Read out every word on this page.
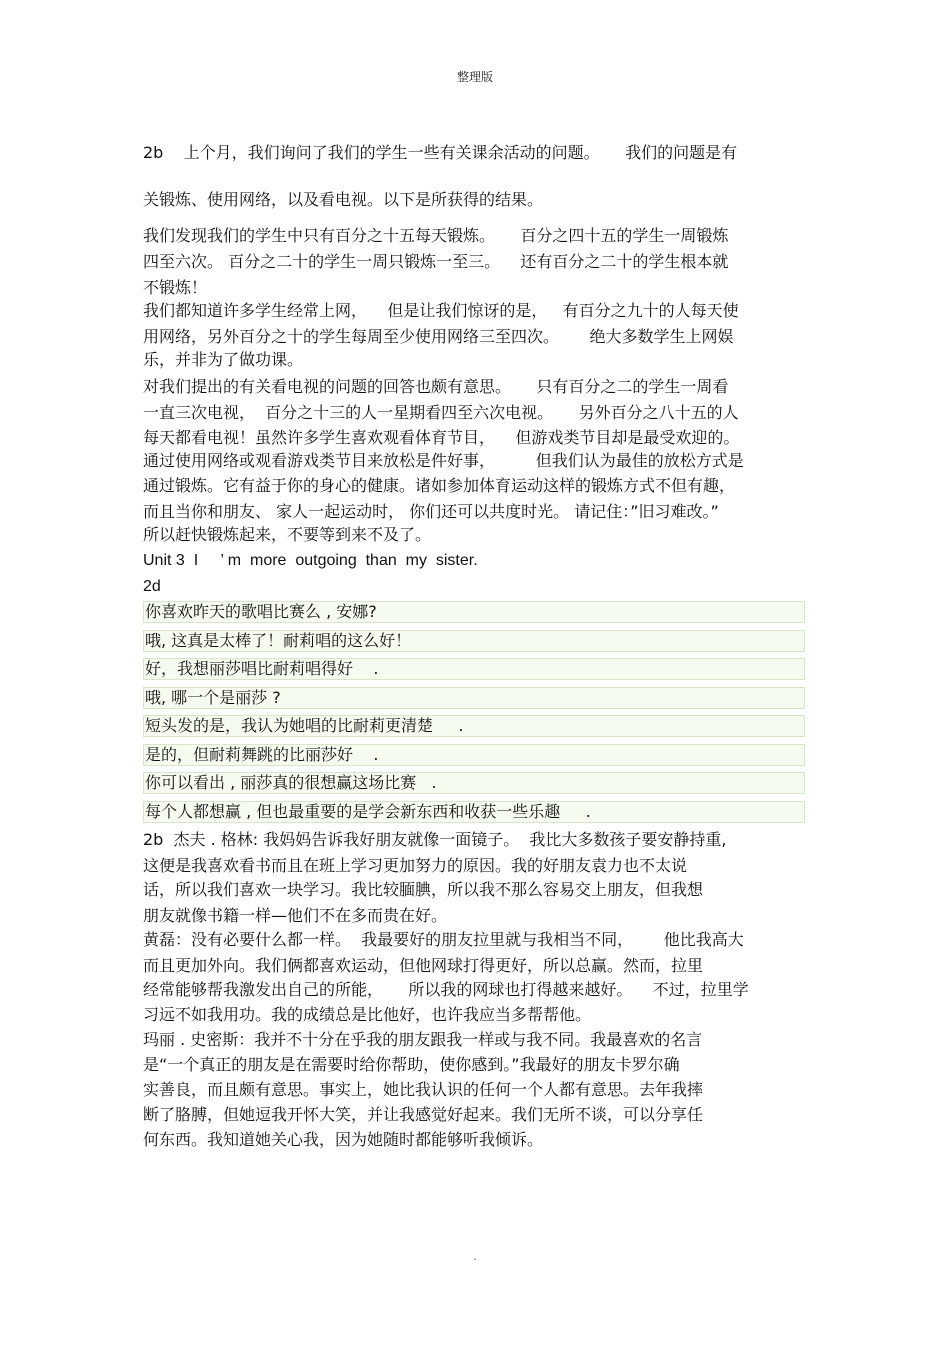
整理版
2b    上个月，我们询问了我们的学生一些有关课余活动的问题。     我们的问题是有
关锻炼、使用网络，以及看电视。以下是所获得的结果。
我们发现我们的学生中只有百分之十五每天锻炼。     百分之四十五的学生一周锻炼
四至六次。 百分之二十的学生一周只锻炼一至三。    还有百分之二十的学生根本就
不锻炼！
我们都知道许多学生经常上网，    但是让我们惊讶的是，   有百分之九十的人每天使
用网络，另外百分之十的学生每周至少使用网络三至四次。      绝大多数学生上网娱
乐，并非为了做功课。
对我们提出的有关看电视的问题的回答也颇有意思。     只有百分之二的学生一周看
一直三次电视，  百分之十三的人一星期看四至六次电视。     另外百分之八十五的人
每天都看电视！虽然许多学生喜欢观看体育节目，    但游戏类节目却是最受欢迎的。
通过使用网络或观看游戏类节目来放松是件好事，        但我们认为最佳的放松方式是
通过锻炼。它有益于你的身心的健康。诸如参加体育运动这样的锻炼方式不但有趣，
而且当你和朋友、 家人一起运动时， 你们还可以共度时光。 请记住：”旧习难改。”
所以赶快锻炼起来，不要等到来不及了。
Unit 3  I     ’ m  more  outgoing  than  my  sister.
2d
你喜欢昨天的歌唱比赛么 , 安娜?
哦, 这真是太棒了！耐莉唱的这么好！
好，我想丽莎唱比耐莉唱得好    .
哦, 哪一个是丽莎 ?
短头发的是，我认为她唱的比耐莉更清楚     .
是的，但耐莉舞跳的比丽莎好    .
你可以看出 , 丽莎真的很想赢这场比赛   .
每个人都想赢 , 但也最重要的是学会新东西和收获一些乐趣     .
2b  杰夫 . 格林: 我妈妈告诉我好朋友就像一面镜子。  我比大多数孩子要安静持重,
这便是我喜欢看书而且在班上学习更加努力的原因。我的好朋友袁力也不太说
话，所以我们喜欢一块学习。我比较腼腆，所以我不那么容易交上朋友，但我想
朋友就像书籍一样—他们不在多而贵在好。
黄磊：没有必要什么都一样。  我最要好的朋友拉里就与我相当不同，      他比我高大
而且更加外向。我们俩都喜欢运动，但他网球打得更好，所以总赢。然而，拉里
经常能够帮我激发出自己的所能，     所以我的网球也打得越来越好。    不过，拉里学
习远不如我用功。我的成绩总是比他好，也许我应当多帮帮他。
玛丽 . 史密斯：我并不十分在乎我的朋友跟我一样或与我不同。我最喜欢的名言
是“一个真正的朋友是在需要时给你帮助，使你感到。”我最好的朋友卡罗尔确
实善良，而且颇有意思。事实上，她比我认识的任何一个人都有意思。去年我摔
断了胳膊，但她逗我开怀大笑，并让我感觉好起来。我们无所不谈，可以分享任
何东西。我知道她关心我，因为她随时都能够听我倾诉。
.
